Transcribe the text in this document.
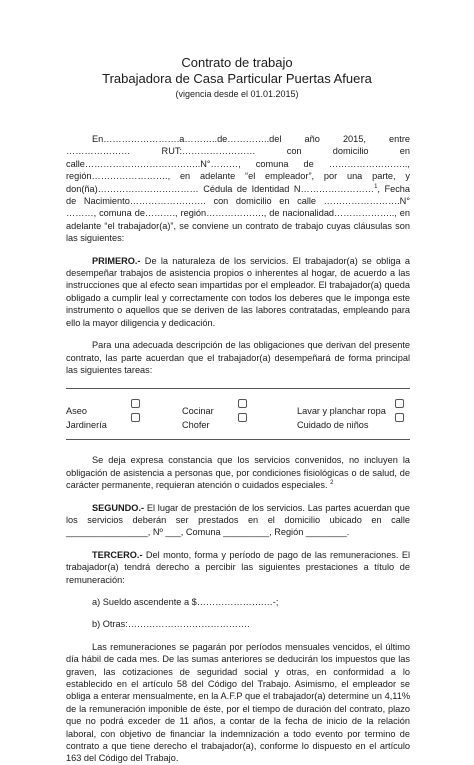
Contrato de trabajo
Trabajadora de Casa Particular Puertas Afuera
(vigencia desde el 01.01.2015)

En…………………….a………..de…………..del año 2015, entre ………………… RUT:…………………… con domicilio en calle………………………………..N°………, comuna de …………………….., región……………………., en adelante “el empleador”, por una parte, y don(ña)…………………………… Cédula de Identidad N……………………$^1$, Fecha de Nacimiento……………………. con domicilio en calle …………………….N° ………, comuna de………., región………………., de nacionalidad……………….., en adelante “el trabajador(a)”, se conviene un contrato de trabajo cuyas cláusulas son las siguientes:

PRIMERO.- De la naturaleza de los servicios. El trabajador(a) se obliga a desempeñar trabajos de asistencia propios o inherentes al hogar, de acuerdo a las instrucciones que al efecto sean impartidas por el empleador. El trabajador(a) queda obligado a cumplir leal y correctamente con todos los deberes que le imponga este instrumento o aquellos que se deriven de las labores contratadas, empleando para ello la mayor diligencia y dedicación.

Para una adecuada descripción de las obligaciones que derivan del presente contrato, las parte acuerdan que el trabajador(a) desempeñará de forma principal las siguientes tareas:

Aseo	Cocinar	Lavar y planchar ropa
Jardinería	Chofer	Cuidado de niños

Se deja expresa constancia que los servicios convenidos, no incluyen la obligación de asistencia a personas que, por condiciones fisiológicas o de salud, de carácter permanente, requieran atención o cuidados especiales. $^2$

SEGUNDO.- El lugar de prestación de los servicios. Las partes acuerdan que los servicios deberán ser prestados en el domicilio ubicado en calle ________________, Nº ___, Comuna _________, Región ________.

TERCERO.- Del monto, forma y período de pago de las remuneraciones. El trabajador(a) tendrá derecho a percibir las siguientes prestaciones a título de remuneración:

a) Sueldo ascendente a $………………….…-;

b) Otras:………………………………….

Las remuneraciones se pagarán por períodos mensuales vencidos, el último día hábil de cada mes. De las sumas anteriores se deducirán los impuestos que las graven, las cotizaciones de seguridad social y otras, en conformidad a lo establecido en el artículo 58 del Código del Trabajo. Asimismo, el empleador se obliga a enterar mensualmente, en la A.F.P que el trabajador(a) determine un 4,11% de la remuneración imponible de éste, por el tiempo de duración del contrato, plazo que no podrá exceder de 11 años, a contar de la fecha de inicio de la relación laboral, con objetivo de financiar la indemnización a todo evento por termino de contrato a que tiene derecho el trabajador(a), conforme lo dispuesto en el artículo 163 del Código del Trabajo.
